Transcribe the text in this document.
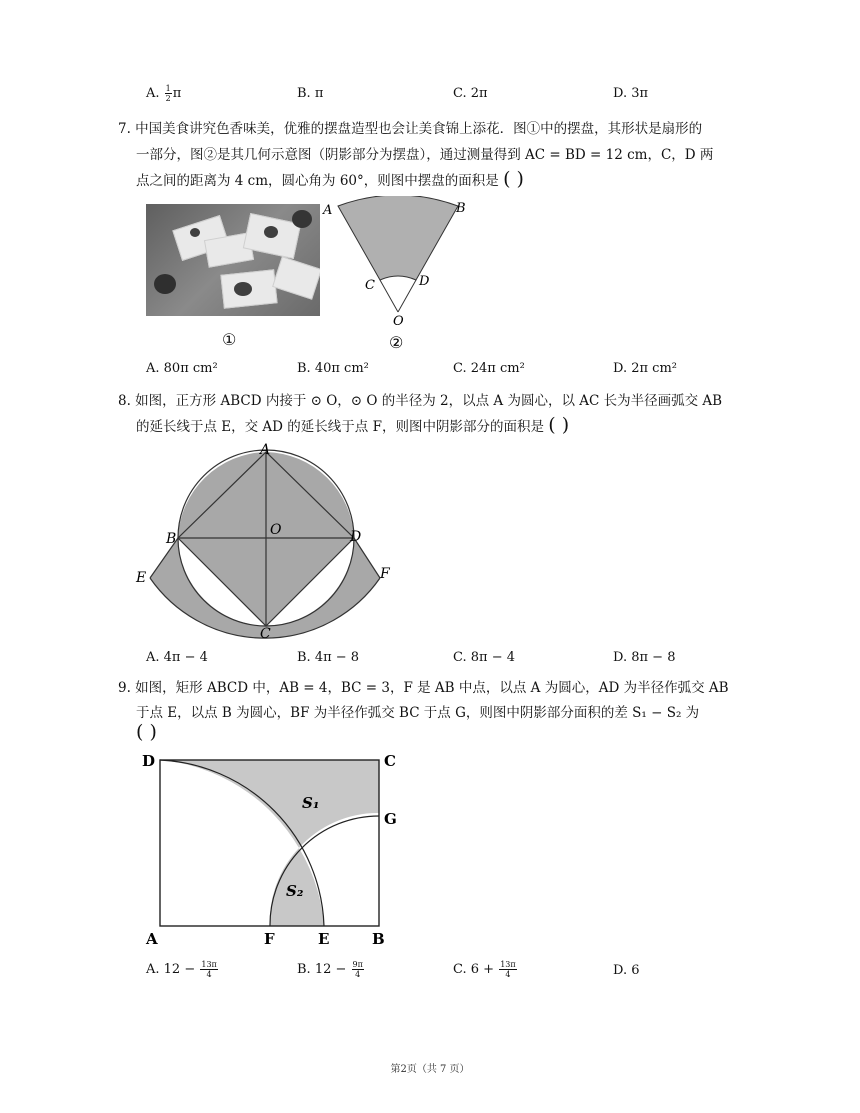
A. $\frac{1}{2}$ π	B. π	C. 2π	D. 3π
7. 中国美食讲究色香味美，优雅的摆盘造型也会让美食锦上添花．图①中的摆盘，其形状是扇形的
一部分，图②是其几何示意图（阴影部分为摆盘），通过测量得到 AC = BD = 12 cm，C，D 两
点之间的距离为 4 cm，圆心角为 60°，则图中摆盘的面积是 ( )
①
A	B
C	D
O
②
A. 80π cm²	B. 40π cm²	C. 24π cm²	D. 2π cm²
8. 如图，正方形 ABCD 内接于 ⊙ O，⊙ O 的半径为 2，以点 A 为圆心，以 AC 长为半径画弧交 AB
的延长线于点 E，交 AD 的延长线于点 F，则图中阴影部分的面积是 ( )
A
O
B	D
E	F
C
A. 4π − 4	B. 4π − 8	C. 8π − 4	D. 8π − 8
9. 如图，矩形 ABCD 中，AB = 4，BC = 3，F 是 AB 中点，以点 A 为圆心，AD 为半径作弧交 AB
于点 E，以点 B 为圆心，BF 为半径作弧交 BC 于点 G，则图中阴影部分面积的差 S₁ − S₂ 为
( )
D	C
G
A	F	E	B
S₁
S₂
A. $12 - \frac{13\pi}{4}$	B. $12 - \frac{9\pi}{4}$	C. $6 + \frac{13\pi}{4}$	D. 6
第2页（共 7 页）
